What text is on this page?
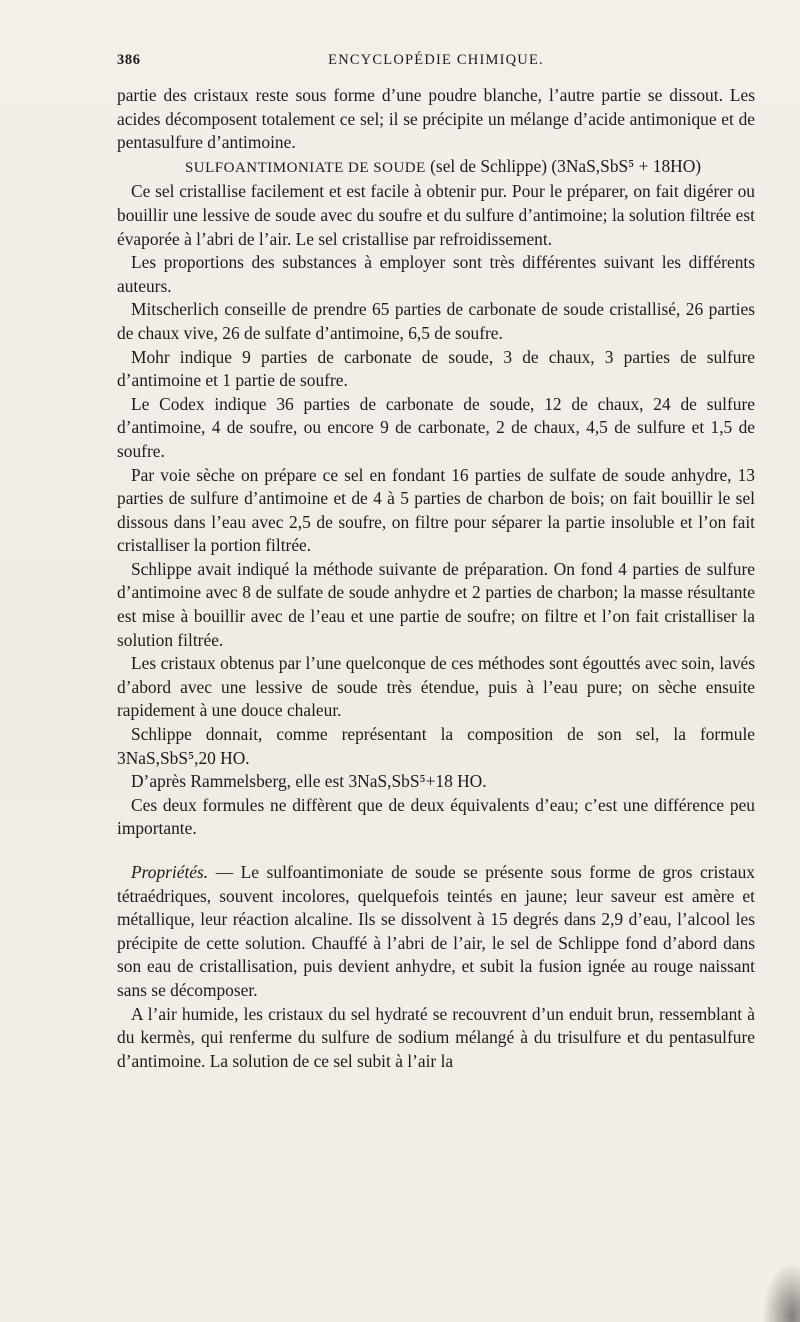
386	ENCYCLOPÉDIE CHIMIQUE.

partie des cristaux reste sous forme d’une poudre blanche, l’autre partie se dissout. Les acides décomposent totalement ce sel; il se précipite un mélange d’acide antimonique et de pentasulfure d’antimoine.

SULFOANTIMONIATE DE SOUDE (sel de Schlippe) (3NaS,SbS⁵ + 18HO)

Ce sel cristallise facilement et est facile à obtenir pur. Pour le préparer, on fait digérer ou bouillir une lessive de soude avec du soufre et du sulfure d’antimoine; la solution filtrée est évaporée à l’abri de l’air. Le sel cristallise par refroidissement.

Les proportions des substances à employer sont très différentes suivant les différents auteurs.

Mitscherlich conseille de prendre 65 parties de carbonate de soude cristallisé, 26 parties de chaux vive, 26 de sulfate d’antimoine, 6,5 de soufre.

Mohr indique 9 parties de carbonate de soude, 3 de chaux, 3 parties de sulfure d’antimoine et 1 partie de soufre.

Le Codex indique 36 parties de carbonate de soude, 12 de chaux, 24 de sulfure d’antimoine, 4 de soufre, ou encore 9 de carbonate, 2 de chaux, 4,5 de sulfure et 1,5 de soufre.

Par voie sèche on prépare ce sel en fondant 16 parties de sulfate de soude anhydre, 13 parties de sulfure d’antimoine et de 4 à 5 parties de charbon de bois; on fait bouillir le sel dissous dans l’eau avec 2,5 de soufre, on filtre pour séparer la partie insoluble et l’on fait cristalliser la portion filtrée.

Schlippe avait indiqué la méthode suivante de préparation. On fond 4 parties de sulfure d’antimoine avec 8 de sulfate de soude anhydre et 2 parties de charbon; la masse résultante est mise à bouillir avec de l’eau et une partie de soufre; on filtre et l’on fait cristalliser la solution filtrée.

Les cristaux obtenus par l’une quelconque de ces méthodes sont égouttés avec soin, lavés d’abord avec une lessive de soude très étendue, puis à l’eau pure; on sèche ensuite rapidement à une douce chaleur.

Schlippe donnait, comme représentant la composition de son sel, la formule 3NaS,SbS⁵,20 HO.

D’après Rammelsberg, elle est 3NaS,SbS⁵+18 HO.

Ces deux formules ne diffèrent que de deux équivalents d’eau; c’est une différence peu importante.

Propriétés. — Le sulfoantimoniate de soude se présente sous forme de gros cristaux tétraédriques, souvent incolores, quelquefois teintés en jaune; leur saveur est amère et métallique, leur réaction alcaline. Ils se dissolvent à 15 degrés dans 2,9 d’eau, l’alcool les précipite de cette solution. Chauffé à l’abri de l’air, le sel de Schlippe fond d’abord dans son eau de cristallisation, puis devient anhydre, et subit la fusion ignée au rouge naissant sans se décomposer.

A l’air humide, les cristaux du sel hydraté se recouvrent d’un enduit brun, ressemblant à du kermès, qui renferme du sulfure de sodium mélangé à du trisulfure et du pentasulfure d’antimoine. La solution de ce sel subit à l’air la
